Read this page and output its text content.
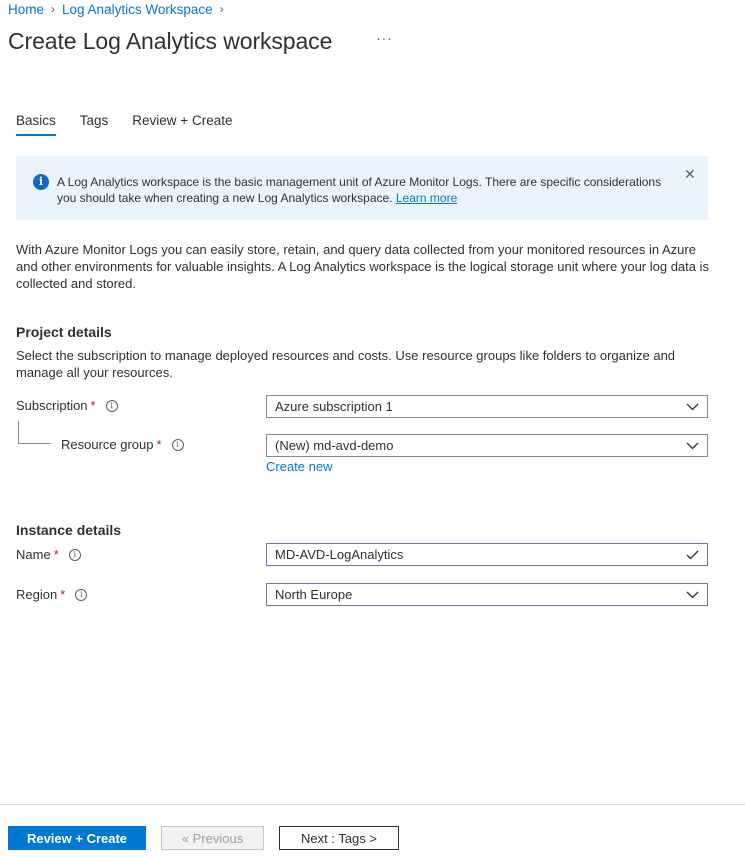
Home › Log Analytics Workspace ›
Create Log Analytics workspace	···
Basics Tags Review + Create
i	A Log Analytics workspace is the basic management unit of Azure Monitor Logs. There are specific considerations you should take when creating a new Log Analytics workspace. Learn more
✕
With Azure Monitor Logs you can easily store, retain, and query data collected from your monitored resources in Azure and other environments for valuable insights. A Log Analytics workspace is the logical storage unit where your log data is collected and stored.
Project details
Select the subscription to manage deployed resources and costs. Use resource groups like folders to organize and manage all your resources.
Subscription *	i	Azure subscription 1
Resource group *	i	(New) md-avd-demo
Create new
Instance details
Name *	i	MD-AVD-LogAnalytics
Region *	i	North Europe
Review + Create	« Previous	Next : Tags >
